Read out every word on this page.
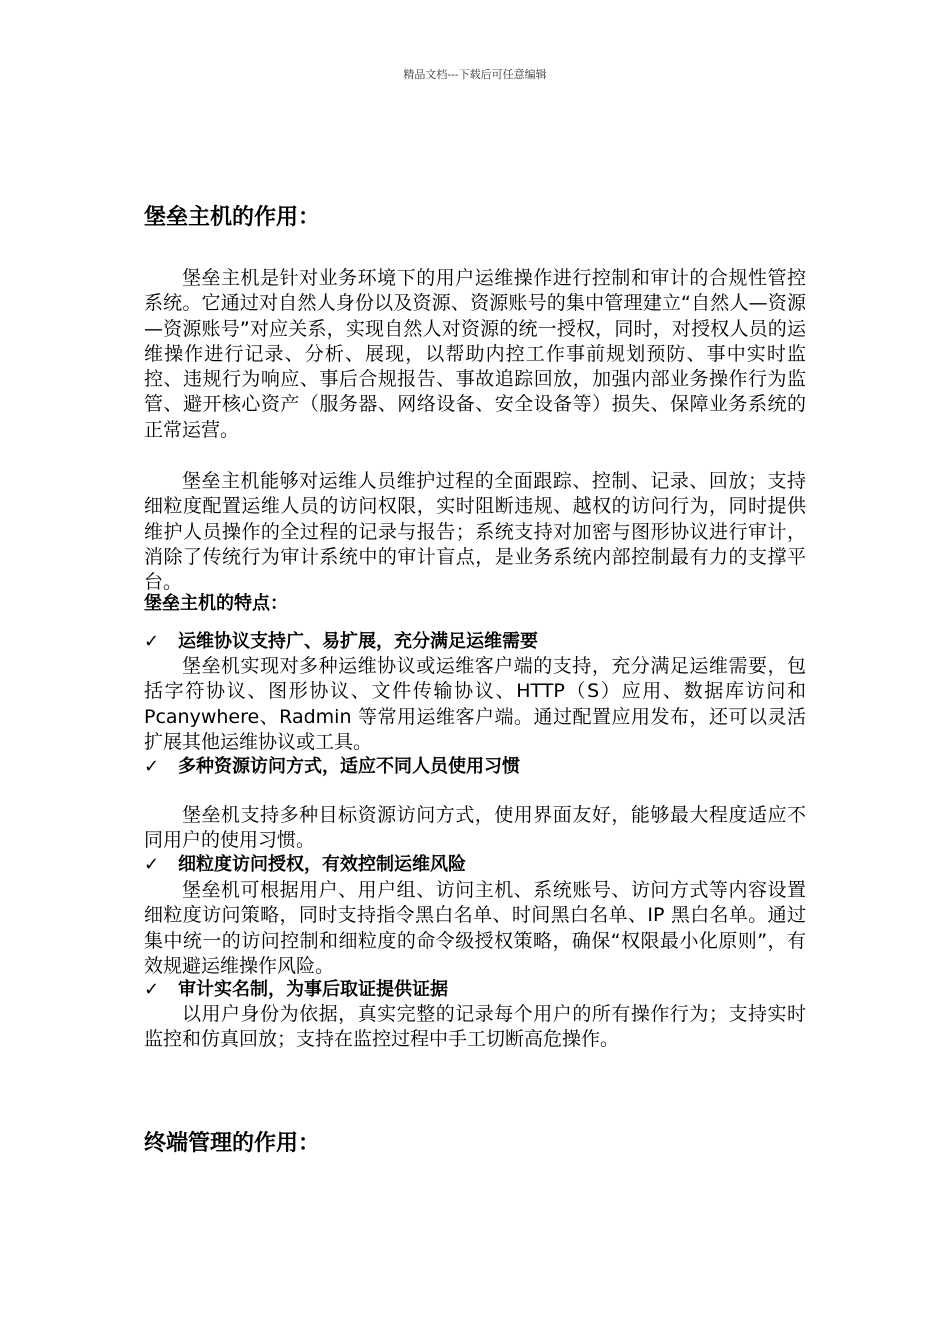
精品文档---下载后可任意编辑
堡垒主机的作用：
堡垒主机是针对业务环境下的用户运维操作进行控制和审计的合规性管控系统。它通过对自然人身份以及资源、资源账号的集中管理建立“自然人—资源—资源账号”对应关系，实现自然人对资源的统一授权，同时，对授权人员的运维操作进行记录、分析、展现，以帮助内控工作事前规划预防、事中实时监控、违规行为响应、事后合规报告、事故追踪回放，加强内部业务操作行为监管、避开核心资产（服务器、网络设备、安全设备等）损失、保障业务系统的正常运营。
堡垒主机能够对运维人员维护过程的全面跟踪、控制、记录、回放；支持细粒度配置运维人员的访问权限，实时阻断违规、越权的访问行为，同时提供维护人员操作的全过程的记录与报告；系统支持对加密与图形协议进行审计，消除了传统行为审计系统中的审计盲点，是业务系统内部控制最有力的支撑平台。
堡垒主机的特点：
✓ 运维协议支持广、易扩展，充分满足运维需要
堡垒机实现对多种运维协议或运维客户端的支持，充分满足运维需要，包括字符协议、图形协议、文件传输协议、HTTP（S）应用、数据库访问和 Pcanywhere、Radmin 等常用运维客户端。通过配置应用发布，还可以灵活扩展其他运维协议或工具。
✓ 多种资源访问方式，适应不同人员使用习惯
堡垒机支持多种目标资源访问方式，使用界面友好，能够最大程度适应不同用户的使用习惯。
✓ 细粒度访问授权，有效控制运维风险
堡垒机可根据用户、用户组、访问主机、系统账号、访问方式等内容设置细粒度访问策略，同时支持指令黑白名单、时间黑白名单、IP 黑白名单。通过集中统一的访问控制和细粒度的命令级授权策略，确保“权限最小化原则”，有效规避运维操作风险。
✓ 审计实名制，为事后取证提供证据
以用户身份为依据，真实完整的记录每个用户的所有操作行为；支持实时监控和仿真回放；支持在监控过程中手工切断高危操作。
终端管理的作用：
